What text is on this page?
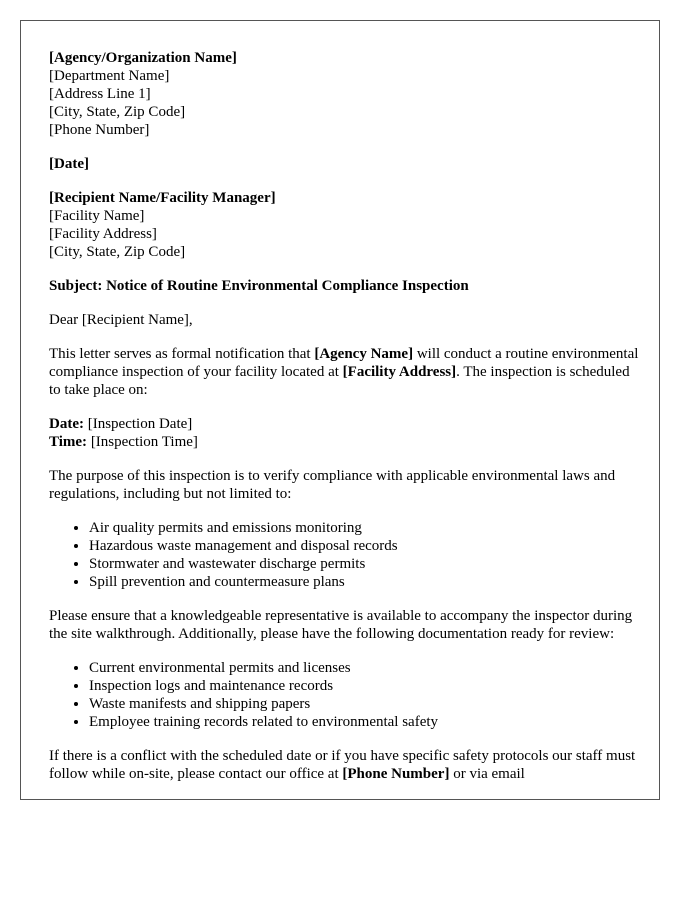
[Agency/Organization Name]
[Department Name]
[Address Line 1]
[City, State, Zip Code]
[Phone Number]
[Date]
[Recipient Name/Facility Manager]
[Facility Name]
[Facility Address]
[City, State, Zip Code]

Subject: Notice of Routine Environmental Compliance Inspection

Dear [Recipient Name],

This letter serves as formal notification that [Agency Name] will conduct a routine environmental compliance inspection of your facility located at [Facility Address]. The inspection is scheduled to take place on:

Date: [Inspection Date]
Time: [Inspection Time]

The purpose of this inspection is to verify compliance with applicable environmental laws and regulations, including but not limited to:

• Air quality permits and emissions monitoring
• Hazardous waste management and disposal records
• Stormwater and wastewater discharge permits
• Spill prevention and countermeasure plans

Please ensure that a knowledgeable representative is available to accompany the inspector during the site walkthrough. Additionally, please have the following documentation ready for review:

• Current environmental permits and licenses
• Inspection logs and maintenance records
• Waste manifests and shipping papers
• Employee training records related to environmental safety

If there is a conflict with the scheduled date or if you have specific safety protocols our staff must follow while on-site, please contact our office at [Phone Number] or via email
